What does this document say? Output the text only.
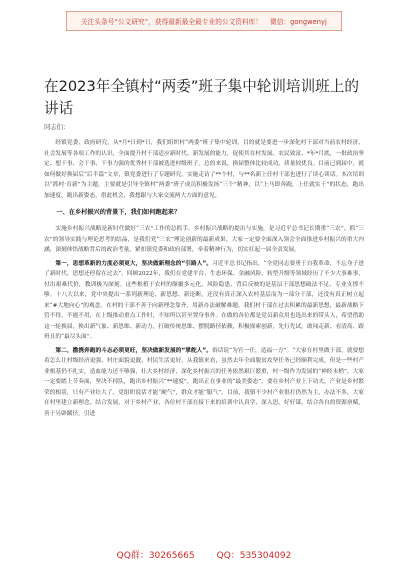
关注头条号“公文研究”，获得最新最全最专业的公文资料库！ 微信：gongwenyj
在2023年全镇村“两委”班子集中轮训培训班上的讲话
同志们：

经镇党委、政府研究，从*月*日到*日，我们组织村“两委”班子集中轮训，目的就是要进一步深化村干部对当前农村经济、社会发展等各项工作的认识，全面提升村干部适应新时代、新发展的能力，促使其在村发展、农民致富、*年*月底，一批政治坚定、想干事、会干事、干事力强的优秀村干部被选进村级班子。总的来说，换届整体比较成功，质量较优良。目前已到届中，就如何做好换届后“后半篇”文章，镇党委进行了专题研究，实施走访了**个村，与**名新上任村干部也进行了谈心谈话。本次培训以“抓村·育新”为主题，主要就是引导全镇村“两委”班子成员积极发扬“三个”精神，以“上马即奔跑，上任就实干”的状态，跑出加速度，跑出新姿态，借此机会，我想跟与大家交流两大方面的意见。

一、在乡村振兴的背景下，我们如何跑起来？

实施乡村振兴战略是新时代做好“三农”工作的总抓手。乡村振兴战略的提出与实施，是习近平总书记长期重“三农”、抓“三农”的领导实践与理论思考的结晶，是我们党“三农”理论创新的最新成果。大家一定要全面深入领会全面推进乡村振兴的重大内涵，深刻体悟战略背后的政治考量，紧扣镇党委和政府部署，牵着精神行为，切实扛起一届全责发展。

第一，思想革新的力度必须更大，坚决做新理念的“引路人”。习近平总书记指出，“全党同志要勇于自我革命，不忘身子进了新时代，思想还停留在过去”。回顾2022年，我们在党建平台、生态环保、金融风险、转型升级等领域经历了不少大事难事，付出艰难代价，教训极为深刻。这些根植于农村的颠覆多元化、风险隐患，背后反映的是基层干部思想破法不足、专业支撑不够。十八大以来，党中央提出一系列新理论、新思想、新论断，还没有真正深入农村基层而为一部分干部，还没有真正树立起来“#大地向心”的观念。在村的干部不善于向新理念靠齐，用新办法破解难题，我们村干部在过去积累的最新思想，最新战略下管不得、不能不用，在上级推动重点工作时，不知所以甚至置身事外。在做的各位都是党员新众用也选出来的带头人，希望借助这一轮换届，换出新气象、新思维、新动力，打破传统思维、摆脱路径依赖，积极探索创新，先行先试，敢闯走新、看清高、跟班且的“最尽头面”。

第二，撒携奔跑的斗志必须更旺，坚决做新发展的“掌舵人”。俗话说“为官一任，造福一方”。“大家在村里做干部，就要想着怎么让村级经济更强、村庄面貌更靓、村民生活更好，从我镇来看，虽然去年全面脱贫攻坚任务已经顺利完成，但是一些村产业根基仍不扎实，造血能力还不够强，壮大乡村经济，深化乡村振兴的任务依然艰巨繁重，村一级作为发展的“神经末梢”，大家一定要踏上节奏面，坚决不掉队，跑出乡村振兴“**速度”，跑出正在事业的“最美姿态”，要在乡村产业上下功夫，产业是乡村繁荣的根基，只有产业壮大了，党组织说话才能“硬气”，群众才能“服气”。目前，我镇不少村产业很打仍然为主，办法不多，大家在村里建立新理念、结合发展，对于乡村产业，各位村干部在接下来的培训中认真学、深入思、好好谋，结合各自的资源禀赋，善于另辟蹊径，引进

QQ群：30265665 QQ：535304092
